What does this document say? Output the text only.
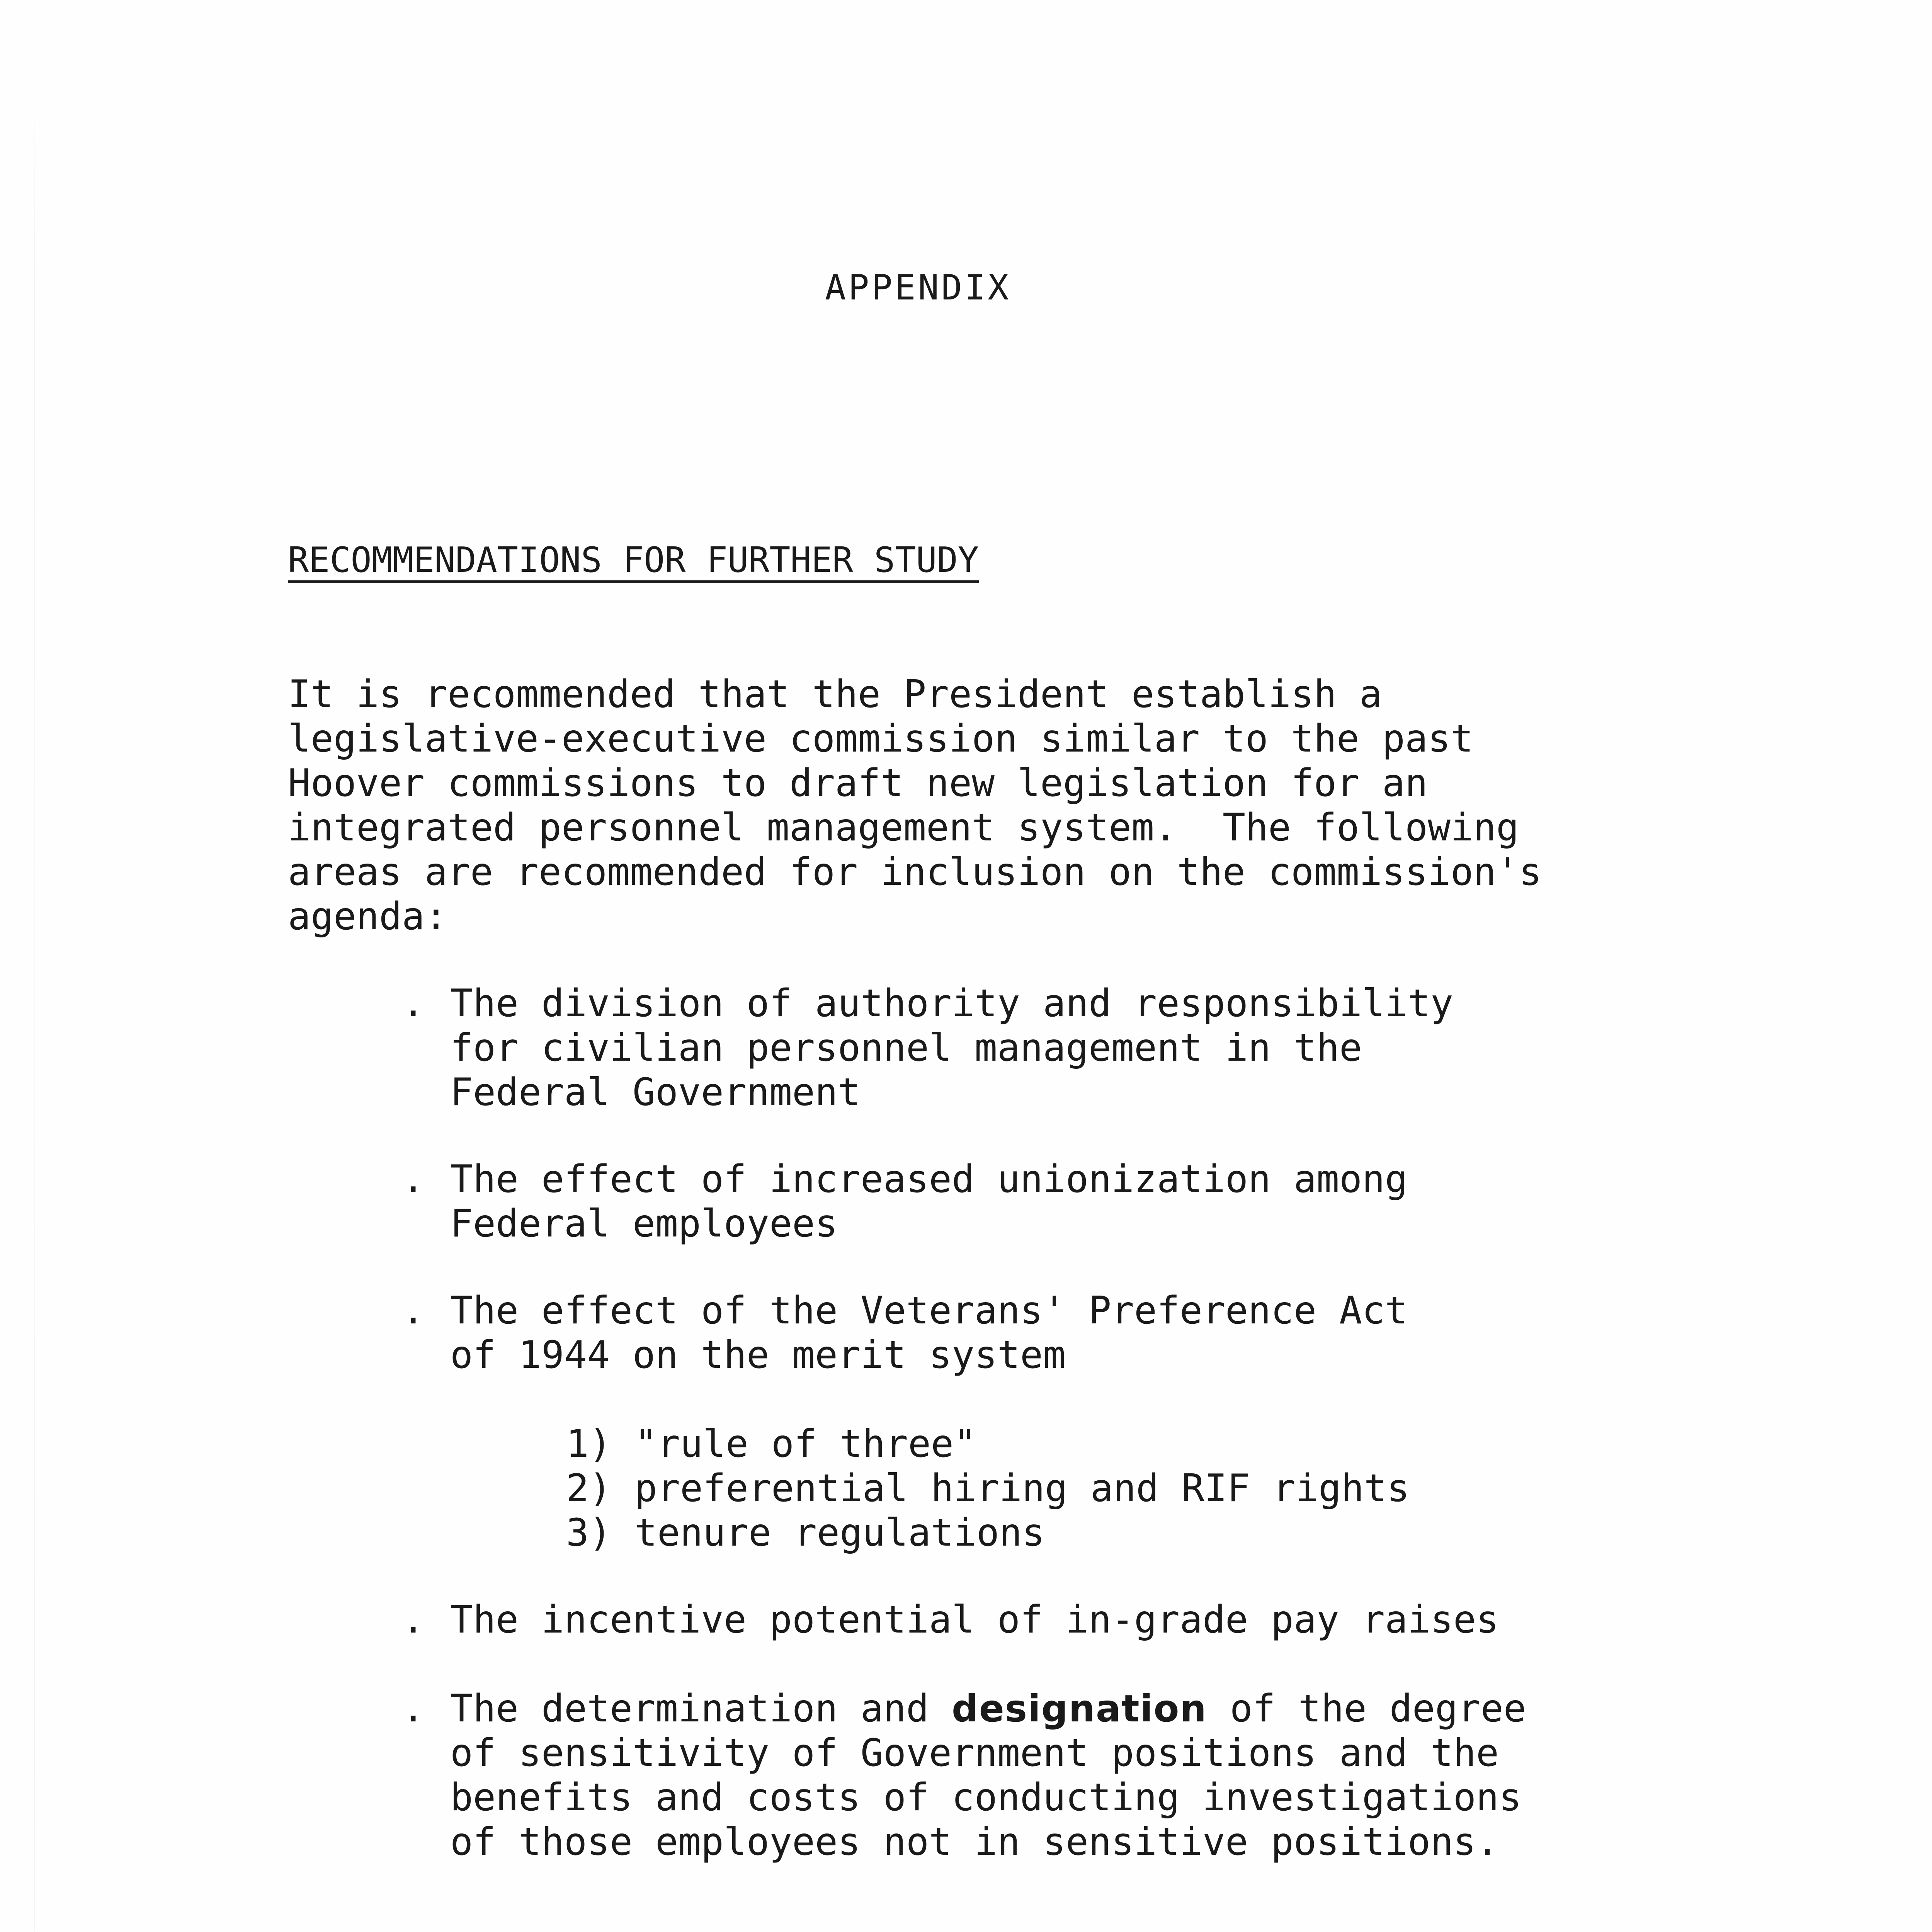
APPENDIX
RECOMMENDATIONS FOR FURTHER STUDY
It is recommended that the President establish a
legislative-executive commission similar to the past
Hoover commissions to draft new legislation for an
integrated personnel management system.  The following
areas are recommended for inclusion on the commission's
agenda:
. The division of authority and responsibility
for civilian personnel management in the
Federal Government
. The effect of increased unionization among
Federal employees
. The effect of the Veterans' Preference Act
of 1944 on the merit system
1) "rule of three"
2) preferential hiring and RIF rights
3) tenure regulations
. The incentive potential of in-grade pay raises
. The determination and designation of the degree
of sensitivity of Government positions and the
benefits and costs of conducting investigations
of those employees not in sensitive positions.
